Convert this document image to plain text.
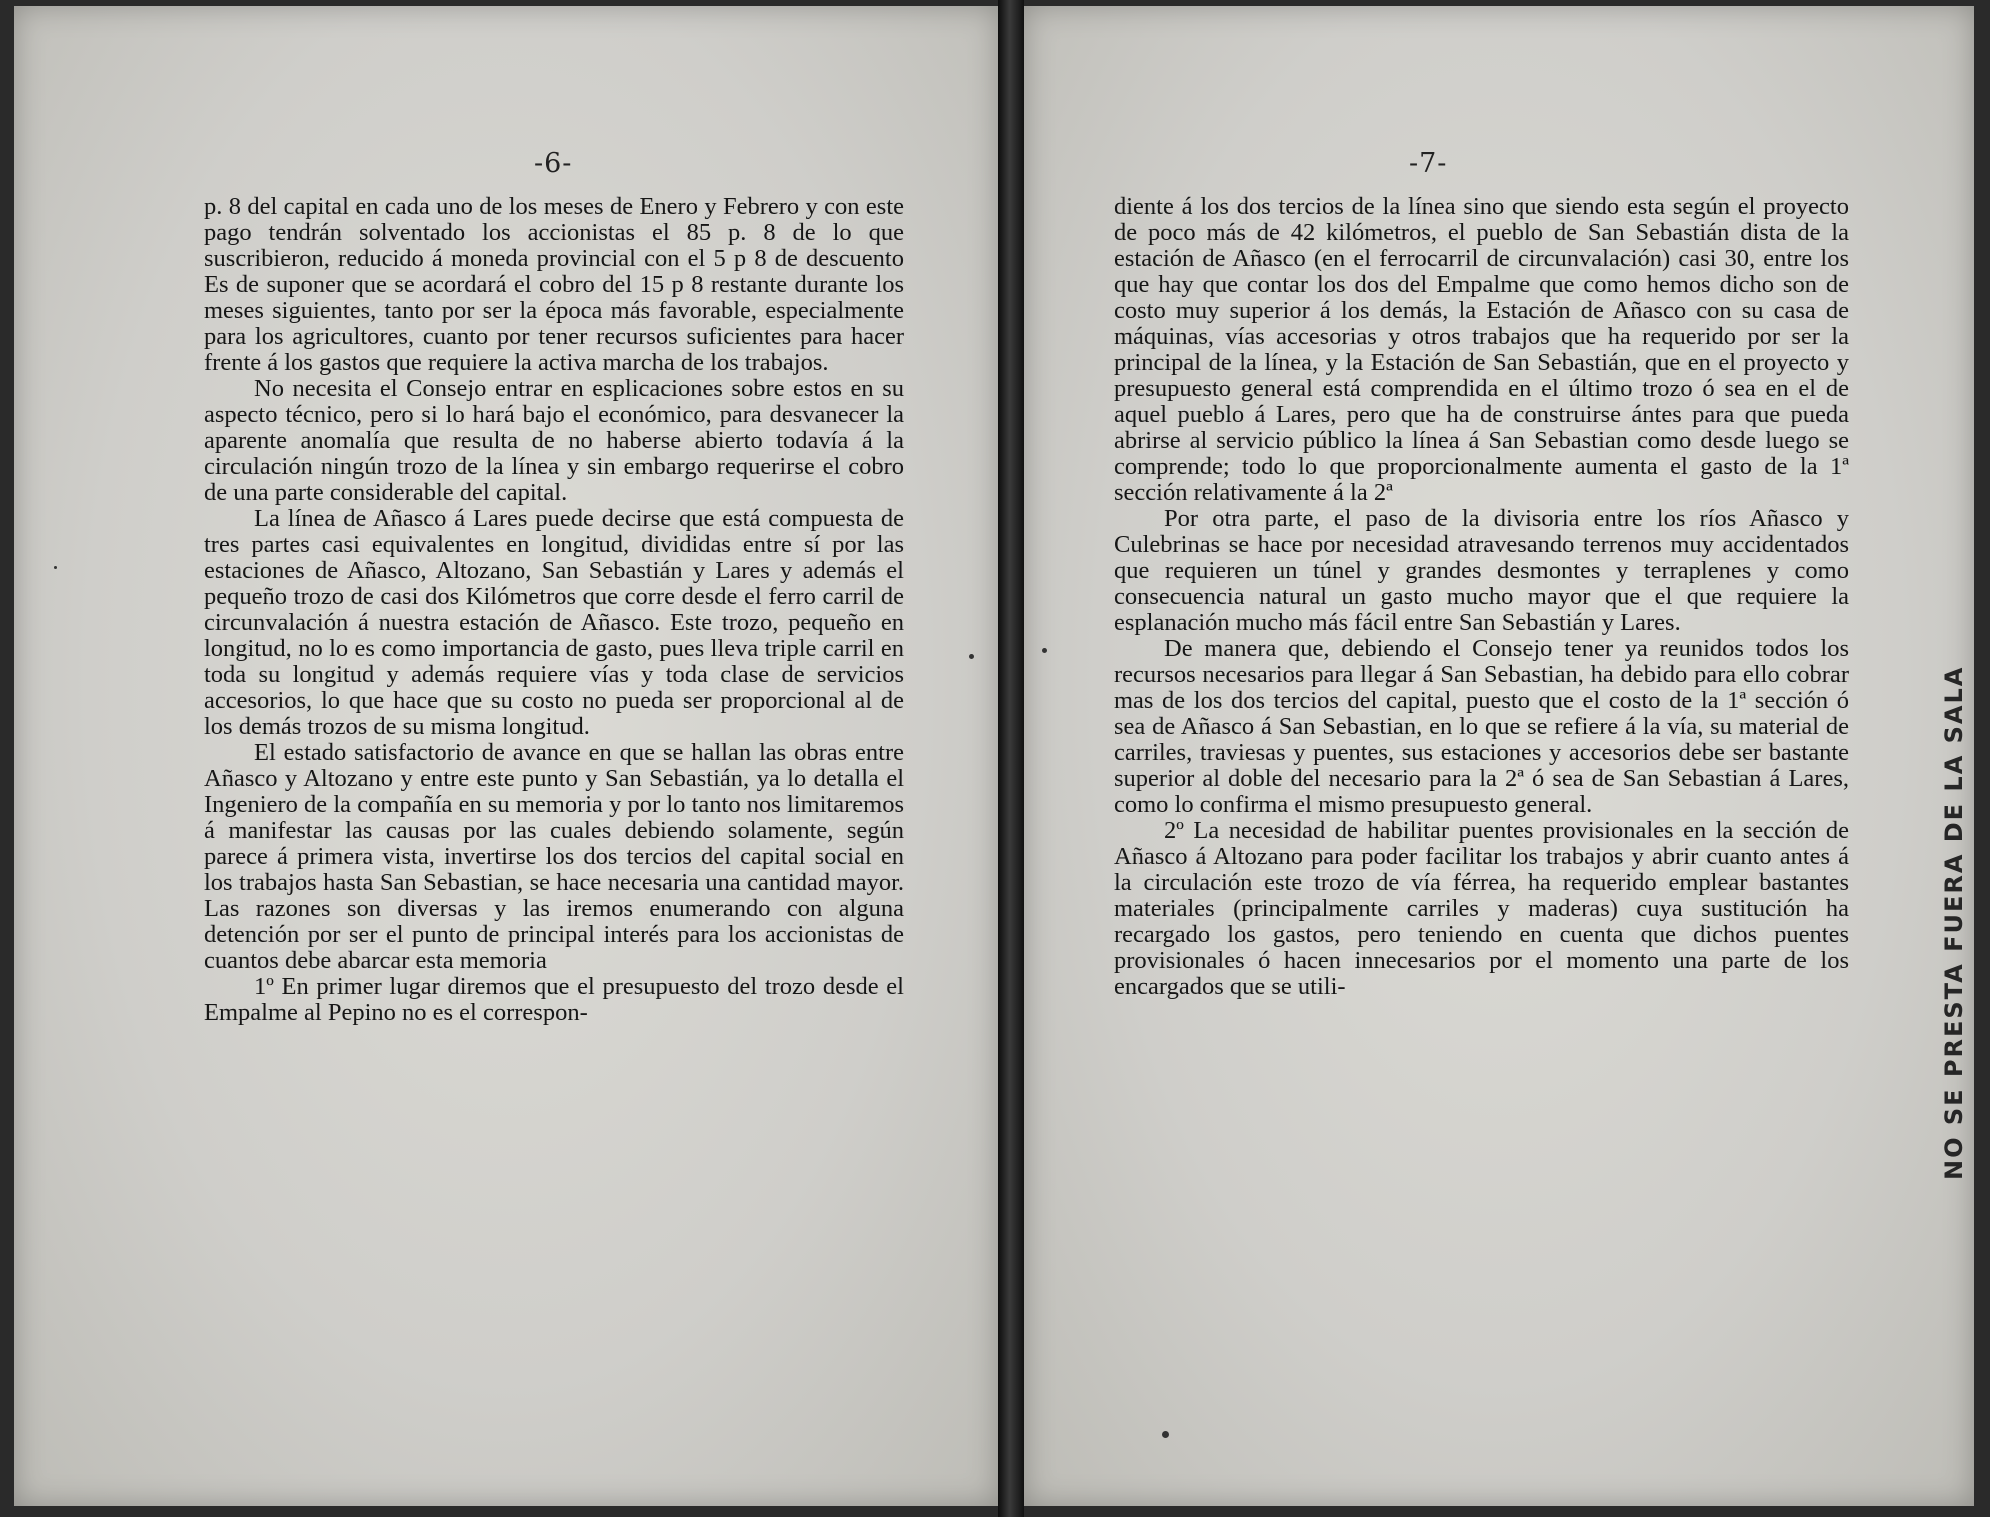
-6-

p. 8 del capital en cada uno de los meses de Enero y Febrero y con este pago tendrán solventado los accionistas el 85 p. 8 de lo que suscribieron, reducido á moneda provincial con el 5 p 8 de descuento Es de suponer que se acordará el cobro del 15 p 8 restante durante los meses siguientes, tanto por ser la época más favorable, especialmente para los agricultores, cuanto por tener recursos suficientes para hacer frente á los gastos que requiere la activa marcha de los trabajos.

No necesita el Consejo entrar en esplicaciones sobre estos en su aspecto técnico, pero si lo hará bajo el económico, para desvanecer la aparente anomalía que resulta de no haberse abierto todavía á la circulación ningún trozo de la línea y sin embargo requerirse el cobro de una parte considerable del capital.

La línea de Añasco á Lares puede decirse que está compuesta de tres partes casi equivalentes en longitud, divididas entre sí por las estaciones de Añasco, Altozano, San Sebastián y Lares y además el pequeño trozo de casi dos Kilómetros que corre desde el ferro carril de circunvalación á nuestra estación de Añasco. Este trozo, pequeño en longitud, no lo es como importancia de gasto, pues lleva triple carril en toda su longitud y además requiere vías y toda clase de servicios accesorios, lo que hace que su costo no pueda ser proporcional al de los demás trozos de su misma longitud.

El estado satisfactorio de avance en que se hallan las obras entre Añasco y Altozano y entre este punto y San Sebastián, ya lo detalla el Ingeniero de la compañía en su memoria y por lo tanto nos limitaremos á manifestar las causas por las cuales debiendo solamente, según parece á primera vista, invertirse los dos tercios del capital social en los trabajos hasta San Sebastian, se hace necesaria una cantidad mayor. Las razones son diversas y las iremos enumerando con alguna detención por ser el punto de principal interés para los accionistas de cuantos debe abarcar esta memoria

1º En primer lugar diremos que el presupuesto del trozo desde el Empalme al Pepino no es el correspon-

-7-

diente á los dos tercios de la línea sino que siendo esta según el proyecto de poco más de 42 kilómetros, el pueblo de San Sebastián dista de la estación de Añasco (en el ferrocarril de circunvalación) casi 30, entre los que hay que contar los dos del Empalme que como hemos dicho son de costo muy superior á los demás, la Estación de Añasco con su casa de máquinas, vías accesorias y otros trabajos que ha requerido por ser la principal de la línea, y la Estación de San Sebastián, que en el proyecto y presupuesto general está comprendida en el último trozo ó sea en el de aquel pueblo á Lares, pero que ha de construirse ántes para que pueda abrirse al servicio público la línea á San Sebastian como desde luego se comprende; todo lo que proporcionalmente aumenta el gasto de la 1ª sección relativamente á la 2ª

Por otra parte, el paso de la divisoria entre los ríos Añasco y Culebrinas se hace por necesidad atravesando terrenos muy accidentados que requieren un túnel y grandes desmontes y terraplenes y como consecuencia natural un gasto mucho mayor que el que requiere la esplanación mucho más fácil entre San Sebastián y Lares.

De manera que, debiendo el Consejo tener ya reunidos todos los recursos necesarios para llegar á San Sebastian, ha debido para ello cobrar mas de los dos tercios del capital, puesto que el costo de la 1ª sección ó sea de Añasco á San Sebastian, en lo que se refiere á la vía, su material de carriles, traviesas y puentes, sus estaciones y accesorios debe ser bastante superior al doble del necesario para la 2ª ó sea de San Sebastian á Lares, como lo confirma el mismo presupuesto general.

2º La necesidad de habilitar puentes provisionales en la sección de Añasco á Altozano para poder facilitar los trabajos y abrir cuanto antes á la circulación este trozo de vía férrea, ha requerido emplear bastantes materiales (principalmente carriles y maderas) cuya sustitución ha recargado los gastos, pero teniendo en cuenta que dichos puentes provisionales ó hacen innecesarios por el momento una parte de los encargados que se utili-	NO SE PRESTA FUERA DE LA SALA
